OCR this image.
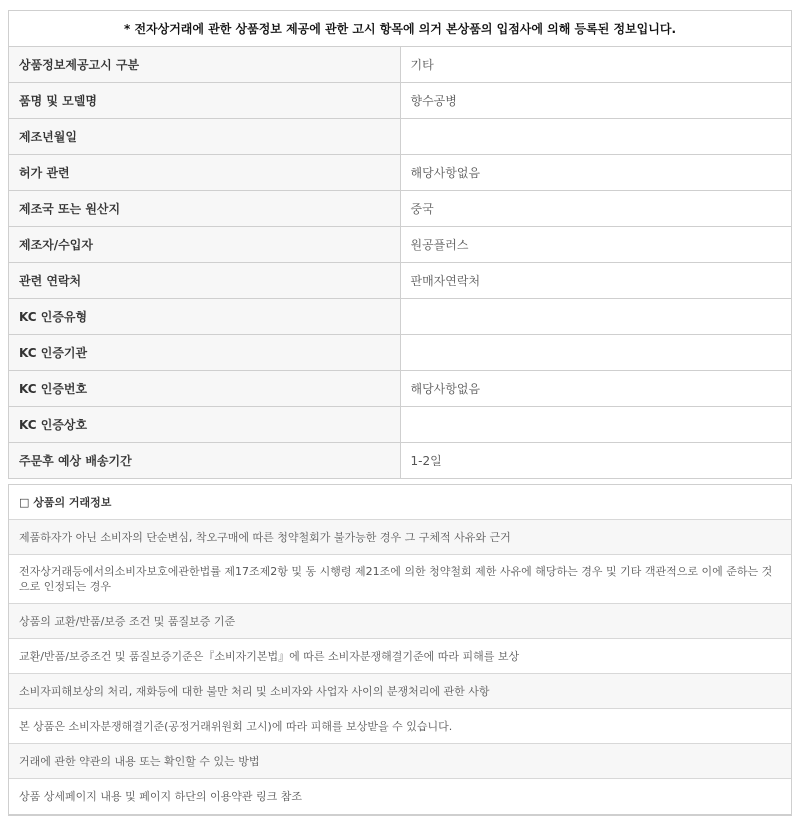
* 전자상거래에 관한 상품정보 제공에 관한 고시 항목에 의거 본상품의 입점사에 의해 등록된 정보입니다.	
상품정보제공고시 구분	기타
품명 및 모델명	향수공병
제조년월일	
허가 관련	해당사항없음
제조국 또는 원산지	중국
제조자/수입자	원공플러스
관련 연락처	판매자연락처
KC 인증유형	
KC 인증기관	
KC 인증번호	해당사항없음
KC 인증상호	
주문후 예상 배송기간	1-2일
□ 상품의 거래정보
제품하자가 아닌 소비자의 단순변심, 착오구매에 따른 청약철회가 불가능한 경우 그 구체적 사유와 근거
전자상거래등에서의소비자보호에관한법률 제17조제2항 및 동 시행령 제21조에 의한 청약철회 제한 사유에 해당하는 경우 및 기타 객관적으로 이에 준하는 것으로 인정되는 경우
상품의 교환/반품/보증 조건 및 품질보증 기준
교환/반품/보증조건 및 품질보증기준은『소비자기본법』에 따른 소비자분쟁해결기준에 따라 피해를 보상
소비자피해보상의 처리, 재화등에 대한 불만 처리 및 소비자와 사업자 사이의 분쟁처리에 관한 사항
본 상품은 소비자분쟁해결기준(공정거래위원회 고시)에 따라 피해를 보상받을 수 있습니다.
거래에 관한 약관의 내용 또는 확인할 수 있는 방법
상품 상세페이지 내용 및 페이지 하단의 이용약관 링크 참조
